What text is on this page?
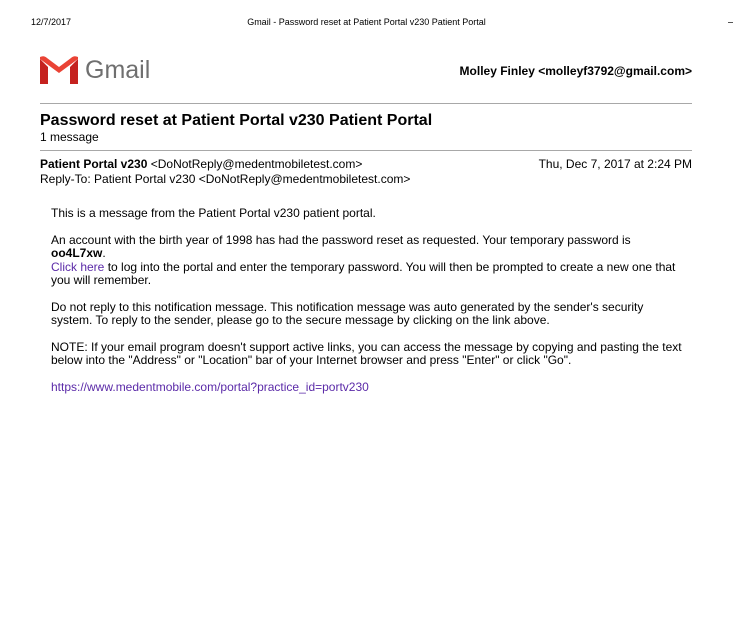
12/7/2017	Gmail - Password reset at Patient Portal v230 Patient Portal
Gmail	Molley Finley <molleyf3792@gmail.com>
Password reset at Patient Portal v230 Patient Portal
1 message
Patient Portal v230 <DoNotReply@medentmobiletest.com>	Thu, Dec 7, 2017 at 2:24 PM
Reply-To: Patient Portal v230 <DoNotReply@medentmobiletest.com>

This is a message from the Patient Portal v230 patient portal.

An account with the birth year of 1998 has had the password reset as requested. Your temporary password is oo4L7xw.
Click here to log into the portal and enter the temporary password. You will then be prompted to create a new one that you will remember.

Do not reply to this notification message. This notification message was auto generated by the sender's security system. To reply to the sender, please go to the secure message by clicking on the link above.

NOTE: If your email program doesn't support active links, you can access the message by copying and pasting the text below into the "Address" or "Location" bar of your Internet browser and press "Enter" or click "Go".

https://www.medentmobile.com/portal?practice_id=portv230
